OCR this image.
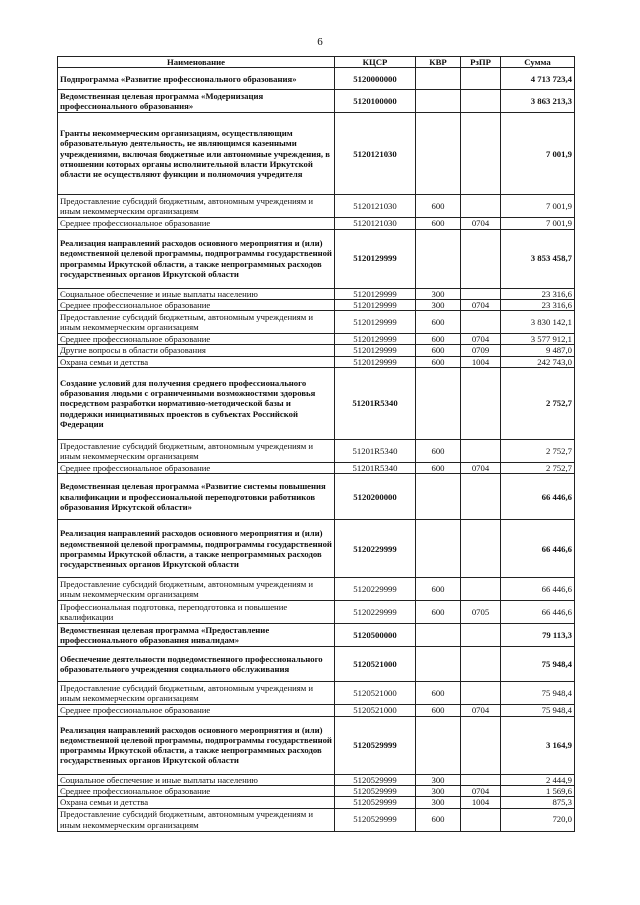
6
Наименование	КЦСР	КВР	РзПР	Сумма
Подпрограмма «Развитие профессионального образования»	5120000000			4 713 723,4
Ведомственная целевая программа «Модернизация профессионального образования»	5120100000			3 863 213,3
Гранты некоммерческим организациям, осуществляющим образовательную деятельность, не являющимся казенными учреждениями, включая бюджетные или автономные учреждения, в отношении которых органы исполнительной власти Иркутской области не осуществляют функции и полномочия учредителя	5120121030			7 001,9
Предоставление субсидий бюджетным, автономным учреждениям и иным некоммерческим организациям	5120121030	600		7 001,9
Среднее профессиональное образование	5120121030	600	0704	7 001,9
Реализация направлений расходов основного мероприятия и (или) ведомственной целевой программы, подпрограммы государственной программы Иркутской области, а также непрограммных расходов государственных органов Иркутской области	5120129999			3 853 458,7
Социальное обеспечение и иные выплаты населению	5120129999	300		23 316,6
Среднее профессиональное образование	5120129999	300	0704	23 316,6
Предоставление субсидий бюджетным, автономным учреждениям и иным некоммерческим организациям	5120129999	600		3 830 142,1
Среднее профессиональное образование	5120129999	600	0704	3 577 912,1
Другие вопросы в области образования	5120129999	600	0709	9 487,0
Охрана семьи и детства	5120129999	600	1004	242 743,0
Создание условий для получения среднего профессионального образования людьми с ограниченными возможностями здоровья посредством разработки нормативно-методической базы и поддержки инициативных проектов в субъектах Российской Федерации	51201R5340			2 752,7
Предоставление субсидий бюджетным, автономным учреждениям и иным некоммерческим организациям	51201R5340	600		2 752,7
Среднее профессиональное образование	51201R5340	600	0704	2 752,7
Ведомственная целевая программа «Развитие системы повышения квалификации и профессиональной переподготовки работников образования Иркутской области»	5120200000			66 446,6
Реализация направлений расходов основного мероприятия и (или) ведомственной целевой программы, подпрограммы государственной программы Иркутской области, а также непрограммных расходов государственных органов Иркутской области	5120229999			66 446,6
Предоставление субсидий бюджетным, автономным учреждениям и иным некоммерческим организациям	5120229999	600		66 446,6
Профессиональная подготовка, переподготовка и повышение квалификации	5120229999	600	0705	66 446,6
Ведомственная целевая программа «Предоставление профессионального образования инвалидам»	5120500000			79 113,3
Обеспечение деятельности подведомственного профессионального образовательного учреждения социального обслуживания	5120521000			75 948,4
Предоставление субсидий бюджетным, автономным учреждениям и иным некоммерческим организациям	5120521000	600		75 948,4
Среднее профессиональное образование	5120521000	600	0704	75 948,4
Реализация направлений расходов основного мероприятия и (или) ведомственной целевой программы, подпрограммы государственной программы Иркутской области, а также непрограммных расходов государственных органов Иркутской области	5120529999			3 164,9
Социальное обеспечение и иные выплаты населению	5120529999	300		2 444,9
Среднее профессиональное образование	5120529999	300	0704	1 569,6
Охрана семьи и детства	5120529999	300	1004	875,3
Предоставление субсидий бюджетным, автономным учреждениям и иным некоммерческим организациям	5120529999	600		720,0
